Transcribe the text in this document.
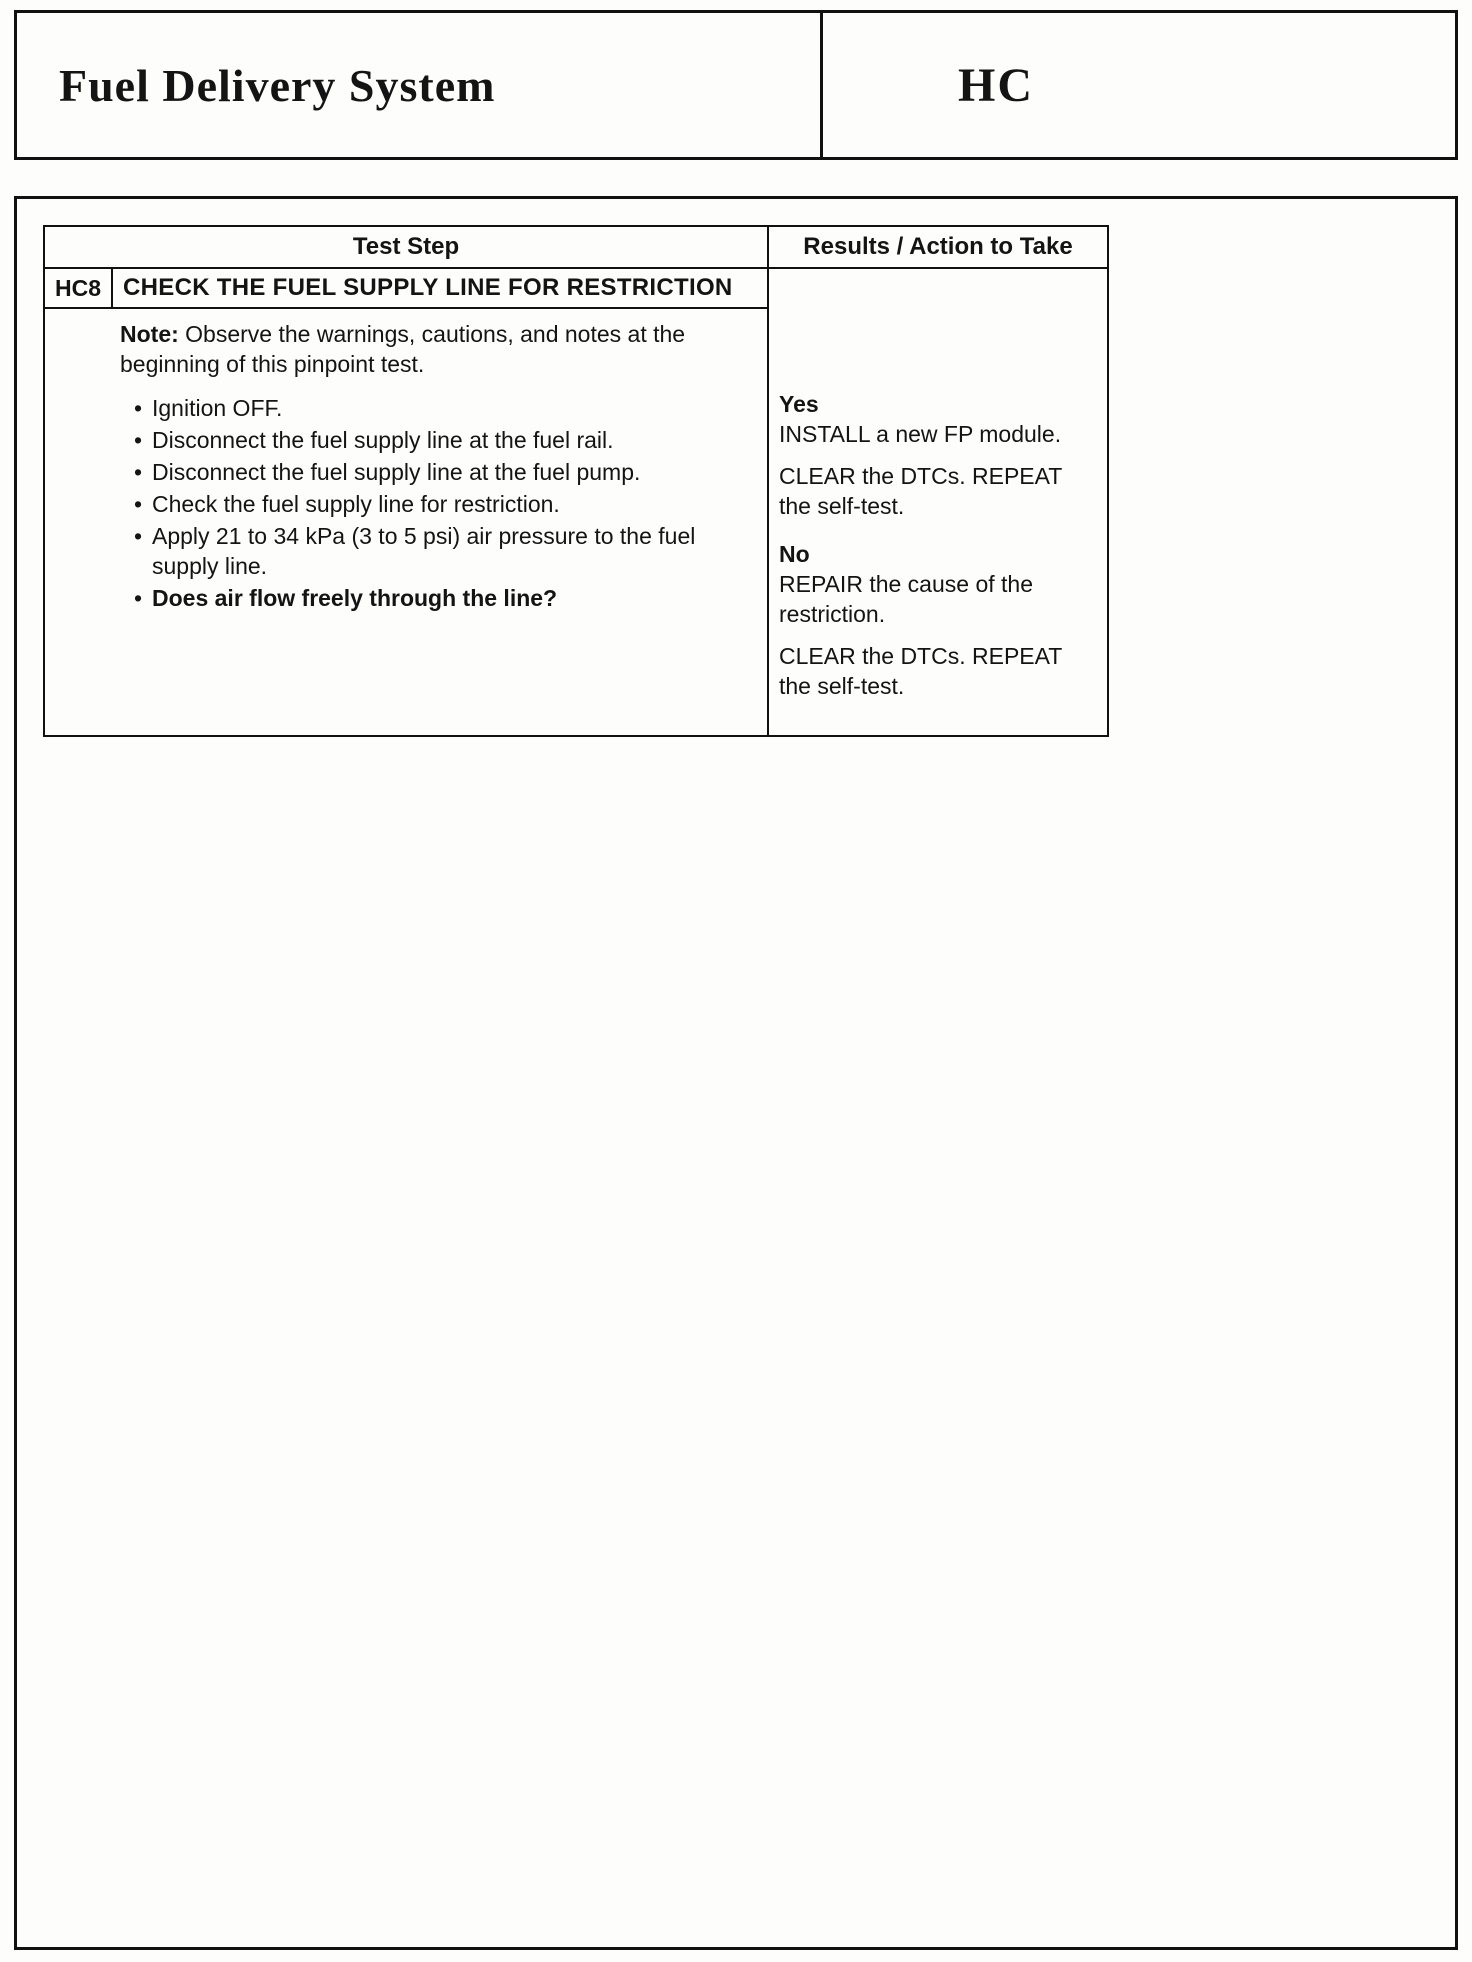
Fuel Delivery System	HC
Test Step	Results / Action to Take
HC8 CHECK THE FUEL SUPPLY LINE FOR RESTRICTION

Note: Observe the warnings, cautions, and notes at the beginning of this pinpoint test.

•
Ignition OFF.
•
Disconnect the fuel supply line at the fuel rail.
•
Disconnect the fuel supply line at the fuel pump.
•
Check the fuel supply line for restriction.
•
Apply 21 to 34 kPa (3 to 5 psi) air pressure to the fuel supply line.
•
Does air flow freely through the line?
Yes
INSTALL a new FP module.
CLEAR the DTCs. REPEAT the self-test.
No
REPAIR the cause of the restriction.
CLEAR the DTCs. REPEAT the self-test.
